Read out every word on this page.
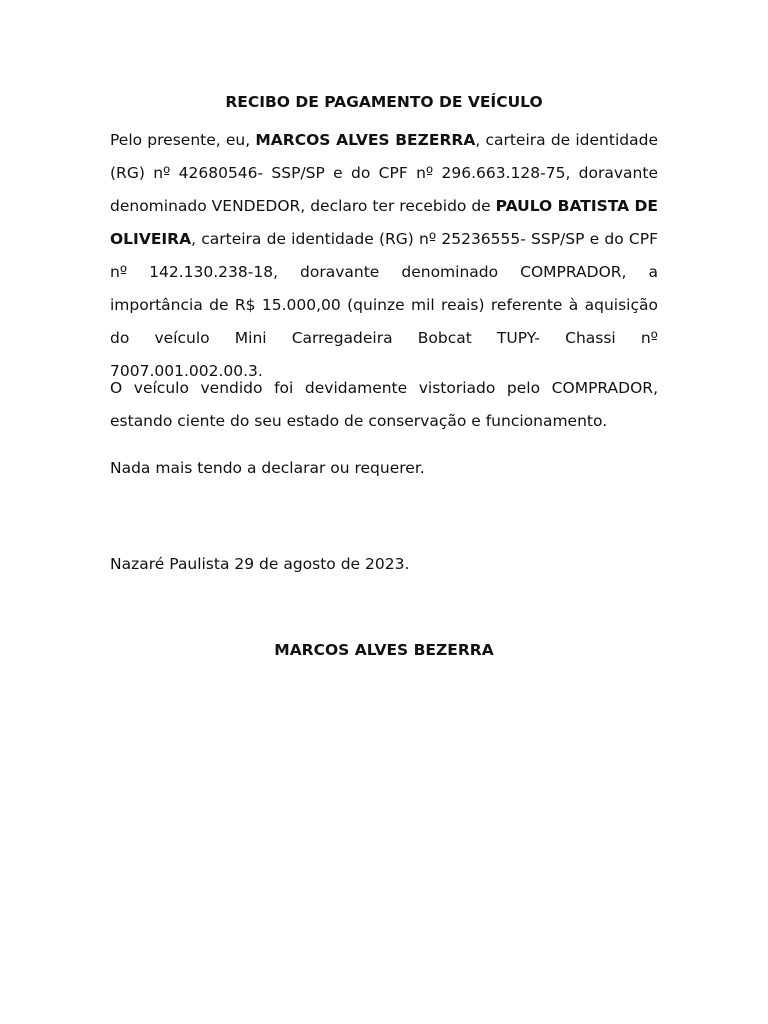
RECIBO DE PAGAMENTO DE VEÍCULO

Pelo presente, eu, MARCOS ALVES BEZERRA, carteira de identidade (RG) nº 42680546- SSP/SP e do CPF nº 296.663.128-75, doravante denominado VENDEDOR, declaro ter recebido de PAULO BATISTA DE OLIVEIRA, carteira de identidade (RG) nº 25236555- SSP/SP e do CPF nº 142.130.238-18, doravante denominado COMPRADOR, a importância de R$ 15.000,00 (quinze mil reais) referente à aquisição do veículo Mini Carregadeira Bobcat TUPY- Chassi nº 7007.001.002.00.3.

O veículo vendido foi devidamente vistoriado pelo COMPRADOR, estando ciente do seu estado de conservação e funcionamento.

Nada mais tendo a declarar ou requerer.

Nazaré Paulista 29 de agosto de 2023.
MARCOS ALVES BEZERRA
